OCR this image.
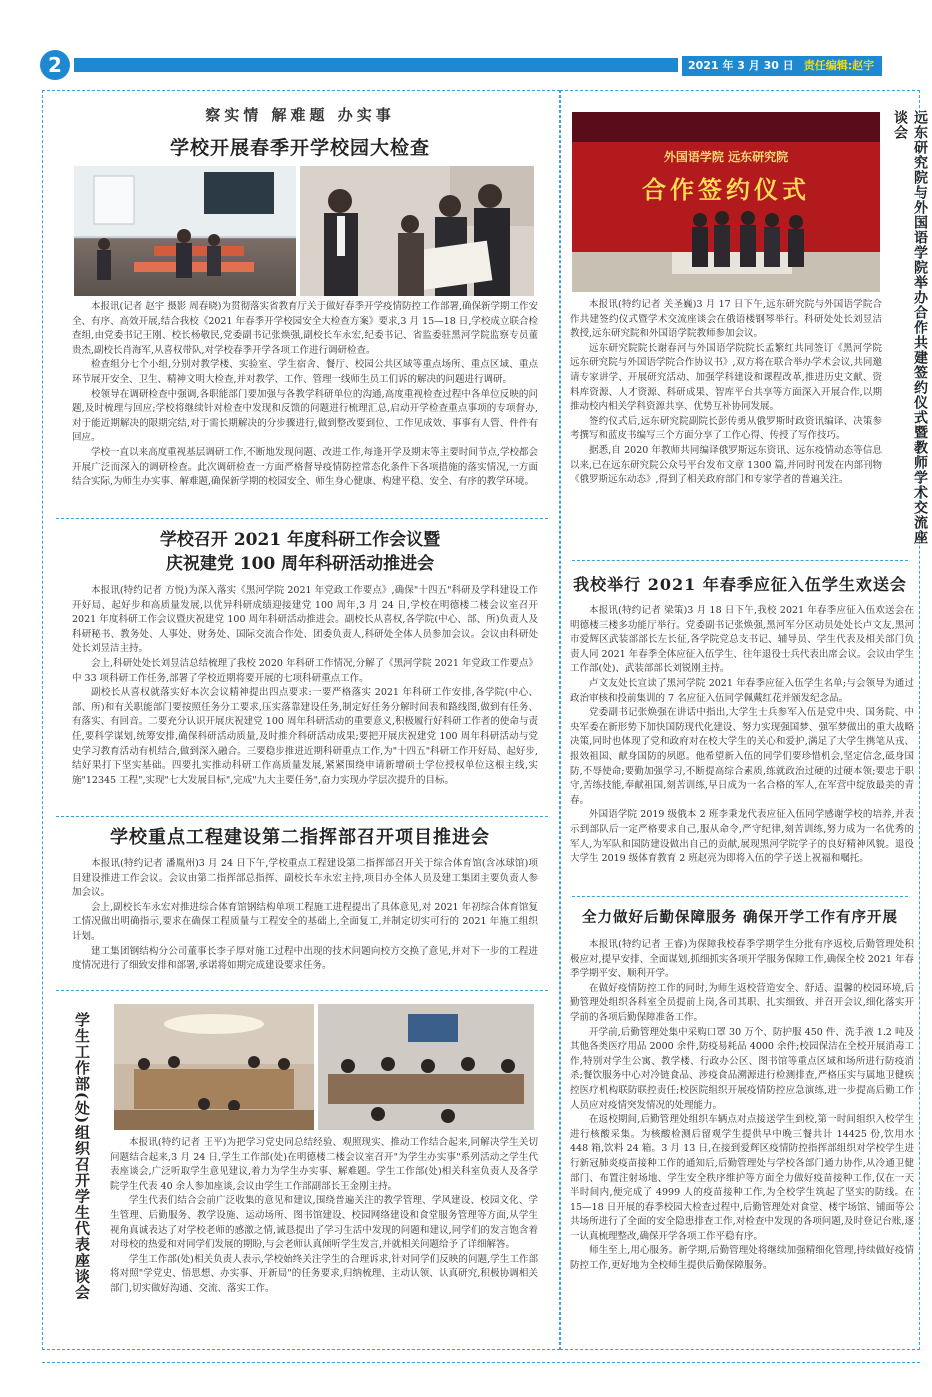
2	2021 年 3 月 30 日 责任编辑:赵宇
察实情 解难题 办实事
学校开展春季开学校园大检查

本报讯(记者 赵宇 摄影 周春晓)为贯彻落实省教育厅关于做好春季开学疫情防控工作部署,确保新学期工作安全、有序、高效开展,结合我校《2021 年春季开学校园安全大检查方案》要求,3 月 15—18 日,学校成立联合检查组,由党委书记王刚、校长杨敬民,党委副书记张焕强,副校长车永宏,纪委书记、省监委驻黑河学院监察专员董贵杰,副校长肖海军,从喜权带队,对学校春季开学各项工作进行调研检查。

检查组分七个小组,分别对教学楼、实验室、学生宿舍、餐厅、校园公共区域等重点场所、重点区域、重点环节展开安全、卫生、精神文明大检查,并对教学、工作、管理一线师生员工们诉的解决的问题进行调研。

校领导在调研检查中强调,各职能部门要加强与各教学科研单位的沟通,高度重视检查过程中各单位反映的问题,及时梳理与回应;学校将继续针对检查中发现和反馈的问题进行梳理汇总,启动开学检查重点事项的专项督办,对于能近期解决的限期完结,对于需长期解决的分步骤进行,做到整改要到位、工作见成效、事事有人管、件件有回应。

学校一直以来高度重视基层调研工作,不断地发现问题、改进工作,每逢开学及期末等主要时间节点,学校都会开展广泛而深入的调研检查。此次调研检查一方面严格督导疫情防控常态化条件下各项措施的落实情况,一方面结合实际,为师生办实事、解难题,确保新学期的校园安全、师生身心健康、构建平稳、安全、有序的教学环境。

学校召开 2021 年度科研工作会议暨
庆祝建党 100 周年科研活动推进会

本报讯(特约记者 方悦)为深入落实《黑河学院 2021 年党政工作要点》,确保"十四五"科研及学科建设工作开好局、起好步和高质量发展,以优异科研成绩迎接建党 100 周年,3 月 24 日,学校在明德楼二楼会议室召开 2021 年度科研工作会议暨庆祝建党 100 周年科研活动推进会。副校长从喜权,各学院(中心、部、所)负责人及科研秘书、教务处、人事处、财务处、国际交流合作处、团委负责人,科研处全体人员参加会议。会议由科研处处长刘昱洁主持。

会上,科研处处长刘昱洁总结梳理了我校 2020 年科研工作情况,分解了《黑河学院 2021 年党政工作要点》中 33 项科研工作任务,部署了学校近期将要开展的七项科研重点工作。

副校长从喜权就落实好本次会议精神提出四点要求:一要严格落实 2021 年科研工作安排,各学院(中心、部、所)和有关职能部门要按照任务分工要求,压实落靠建设任务,制定好任务分解时间表和路线图,做到有任务、有落实、有回音。二要充分认识开展庆祝建党 100 周年科研活动的重要意义,积极履行好科研工作者的使命与责任,要科学谋划,统筹安排,确保科研活动质量,及时推介科研活动成果;要把开展庆祝建党 100 周年科研活动与党史学习教育活动有机结合,做到深入融合。三要稳步推进近期科研重点工作,为"十四五"科研工作开好局、起好步,结好果打下坚实基础。四要扎实推动科研工作高质量发展,紧紧围绕申请新增硕士学位授权单位这根主线,实施"12345 工程",实现"七大发展目标",完成"九大主要任务",奋力实现办学层次提升的目标。

学校重点工程建设第二指挥部召开项目推进会

本报讯(特约记者 潘胤州)3 月 24 日下午,学校重点工程建设第二指挥部召开关于综合体育馆(含冰球馆)项目建设推进工作会议。会议由第二指挥部总指挥、副校长车永宏主持,项目办全体人员及建工集团主要负责人参加会议。

会上,副校长车永宏对推进综合体育馆钢结构单项工程施工进程提出了具体意见,对 2021 年初综合体育馆复工情况做出明确指示,要求在确保工程质量与工程安全的基础上,全面复工,并制定切实可行的 2021 年施工组织计划。

建工集团钢结构分公司董事长李子厚对施工过程中出现的技术问题向校方交换了意见,并对下一步的工程进度情况进行了细致安排和部署,承诺将如期完成建设要求任务。

学生工作部(处)组织召开学生代表座谈会	本报讯(特约记者 王平)为把学习党史同总结经验、观照现实、推动工作结合起来,同解决学生关切问题结合起来,3 月 24 日,学生工作部(处)在明德楼二楼会议室召开"为学生办实事"系列活动之学生代表座谈会,广泛听取学生意见建议,着力为学生办实事、解难题。学生工作部(处)相关科室负责人及各学院学生代表 40 余人参加座谈,会议由学生工作部副部长王金刚主持。

学生代表们结合会前广泛收集的意见和建议,围绕普遍关注的教学管理、学风建设、校园文化、学生管理、后勤服务、教学设施、运动场所、图书馆建设、校园网络建设和食堂服务管理等方面,从学生视角真诚表达了对学校老师的感激之情,诚恳提出了学习生活中发现的问题和建议,同学们的发言饱含着对母校的热爱和对同学们发展的期盼,与会老师认真倾听学生发言,并就相关问题给予了详细解答。

学生工作部(处)相关负责人表示,学校始终关注学生的合理诉求,针对同学们反映的问题,学生工作部将对照"学党史、悟思想、办实事、开新局"的任务要求,归纳梳理、主动认领、认真研究,积极协调相关部门,切实做好沟通、交流、落实工作。

外国语学院 远东研究院
合作签约仪式	远东研究院与外国语学院举办合作共建签约仪式暨教师学术交流座谈会

本报讯(特约记者 关圣巍)3 月 17 日下午,远东研究院与外国语学院合作共建签约仪式暨学术交流座谈会在俄语楼钢琴举行。科研处处长刘昱洁教授,远东研究院和外国语学院教师参加会议。

远东研究院院长谢春河与外国语学院院长孟繁红共同签订《黑河学院远东研究院与外国语学院合作协议书》,双方将在联合举办学术会议,共同邀请专家讲学、开展研究活动、加强学科建设和课程改革,推进历史文献、资料库资源、人才资源、科研成果、智库平台共享等方面深入开展合作,以期推动校内相关学科资源共享、优势互补协同发展。

签约仪式后,远东研究院副院长彭传勇从俄罗斯时政资讯编译、决策参考撰写和蓝皮书编写三个方面分享了工作心得、传授了写作技巧。

据悉,自 2020 年教师共同编译俄罗斯远东资讯、远东疫情动态等信息以来,已在远东研究院公众号平台发布文章 1300 篇,并同时刊发在内部刊物《俄罗斯远东动态》,得到了相关政府部门和专家学者的普遍关注。

我校举行 2021 年春季应征入伍学生欢送会

本报讯(特约记者 梁策)3 月 18 日下午,我校 2021 年春季应征入伍欢送会在明德楼三楼多功能厅举行。党委副书记张焕强,黑河军分区动员处处长卢文友,黑河市爱辉区武装部部长左长征,各学院党总支书记、辅导员、学生代表及相关部门负责人同 2021 年春季全体应征入伍学生、往年退役士兵代表出席会议。会议由学生工作部(处)、武装部部长刘锐刚主持。

卢文友处长宣读了黑河学院 2021 年春季应征入伍学生名单;与会领导为通过政治审核和投前集训的 7 名应征入伍同学佩戴红花并颁发纪念品。

党委副书记张焕强在讲话中指出,大学生士兵参军入伍是党中央、国务院、中央军委在新形势下加快国防现代化建设、努力实现强国梦、强军梦做出的重大战略决策,同时也体现了党和政府对在校大学生的关心和爱护,满足了大学生携笔从戎、报效祖国、献身国防的夙愿。他希望新入伍的同学们要珍惜机会,坚定信念,砥身国防,不辱使命;要勤加强学习,不断提高综合素质,练就政治过硬的过硬本领;要忠于职守,苦练技能,奉献祖国,刻苦训练,早日成为一名合格的军人,在军营中绽放最美的青春。

外国语学院 2019 级俄本 2 班李秉龙代表应征入伍同学感谢学校的培养,并表示到部队后一定严格要求自己,服从命令,严守纪律,刻苦训练,努力成为一名优秀的军人,为军队和国防建设做出自己的贡献,展现黑河学院学子的良好精神风貌。退役大学生 2019 级体育教育 2 班赵亮为即将入伍的学子送上祝福和嘱托。

全力做好后勤保障服务 确保开学工作有序开展

本报讯(特约记者 王睿)为保障我校春季学期学生分批有序返校,后勤管理处积极应对,提早安排、全面谋划,抓细抓实各项开学服务保障工作,确保全校 2021 年春季学期平安、顺利开学。

在做好疫情防控工作的同时,为师生返校营造安全、舒适、温馨的校园环境,后勤管理处组织各科室全员提前上岗,各司其职、扎实细致、并召开会议,细化落实开学前的各项后勤保障准备工作。

开学前,后勤管理处集中采购口罩 30 万个、防护服 450 件、洗手液 1.2 吨及其他各类医疗用品 2000 余件,防疫易耗品 4000 余件;校园保洁在全校开展消毒工作,特别对学生公寓、教学楼、行政办公区、图书馆等重点区域和场所进行防疫消杀;餐饮服务中心对冷链食品、涉疫食品溯源进行检测排查,严格压实与属地卫健疾控医疗机构联防联控责任;校医院组织开展疫情防控应急演练,进一步提高后勤工作人员应对疫情突发情况的处理能力。

在返校期间,后勤管理处组织车辆点对点接送学生到校,第一时间组织入校学生进行核酸采集。为核酸检测后留观学生提供早中晚三餐共计 14425 份,饮用水 448 箱,饮料 24 箱。3 月 13 日,在接到爱辉区疫情防控指挥部组织对学校学生进行新冠肺炎疫苗接种工作的通知后,后勤管理处与学校各部门通力协作,从冷通卫健部门、布置注射场地、学生安全秩序维护等方面全力做好疫苗接种工作,仅在一天半时间内,便完成了 4999 人的疫苗接种工作,为全校学生筑起了坚实的防线。在 15—18 日开展的春季校园大检查过程中,后勤管理处对食堂、楼宇场馆、铺面等公共场所进行了全面的安全隐患排查工作,对检查中发现的各项问题,及时登记台账,逐一认真梳理整改,确保开学各项工作平稳有序。

师生至上,用心服务。新学期,后勤管理处将继续加强精细化管理,持续做好疫情防控工作,更好地为全校师生提供后勤保障服务。
